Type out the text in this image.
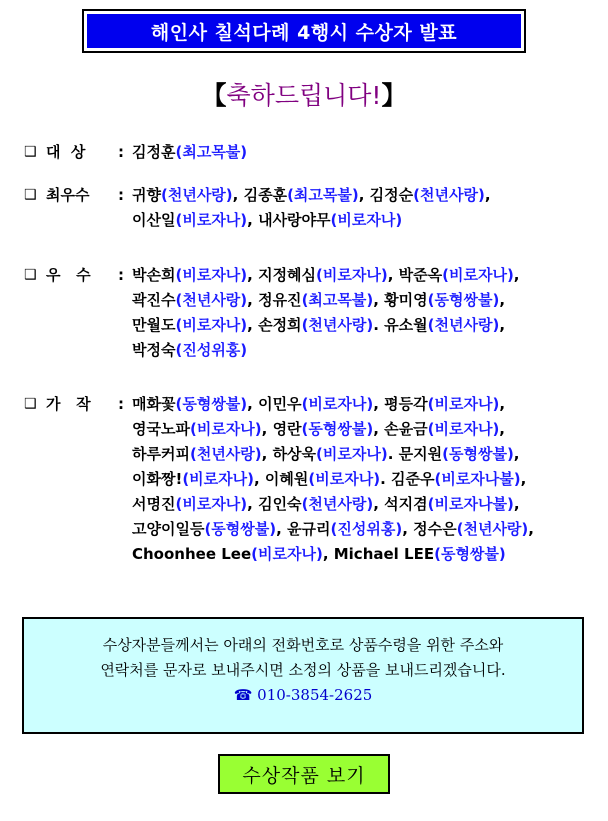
해인사 칠석다례 4행시 수상자 발표
【축하드립니다!】
❑ 대  상	: 김정훈(최고목불)
❑ 최우수	: 귀향(천년사랑), 김종훈(최고목불), 김정순(천년사랑),
이산일(비로자나), 내사랑야무(비로자나)
❑ 우   수	: 박손희(비로자나), 지정혜심(비로자나), 박준옥(비로자나),
곽진수(천년사랑), 정유진(최고목불), 황미영(동형쌍불),
만월도(비로자나), 손정희(천년사랑). 유소월(천년사랑),
박정숙(진성위홍)
❑ 가   작	: 매화꽃(동형쌍불), 이민우(비로자나), 평등각(비로자나),
영국노파(비로자나), 영란(동형쌍불), 손윤금(비로자나),
하루커피(천년사랑), 하상욱(비로자나). 문지원(동형쌍불),
이화짱!(비로자나), 이혜원(비로자나). 김준우(비로자나불),
서명진(비로자나), 김인숙(천년사랑), 석지겸(비로자나불),
고양이일등(동형쌍불), 윤규리(진성위홍), 정수은(천년사랑),
Choonhee Lee(비로자나), Michael LEE(동형쌍불)
수상자분들께서는 아래의 전화번호로 상품수령을 위한 주소와
연락처를 문자로 보내주시면 소정의 상품을 보내드리겠습니다.
☎ 010-3854-2625
수상작품 보기
